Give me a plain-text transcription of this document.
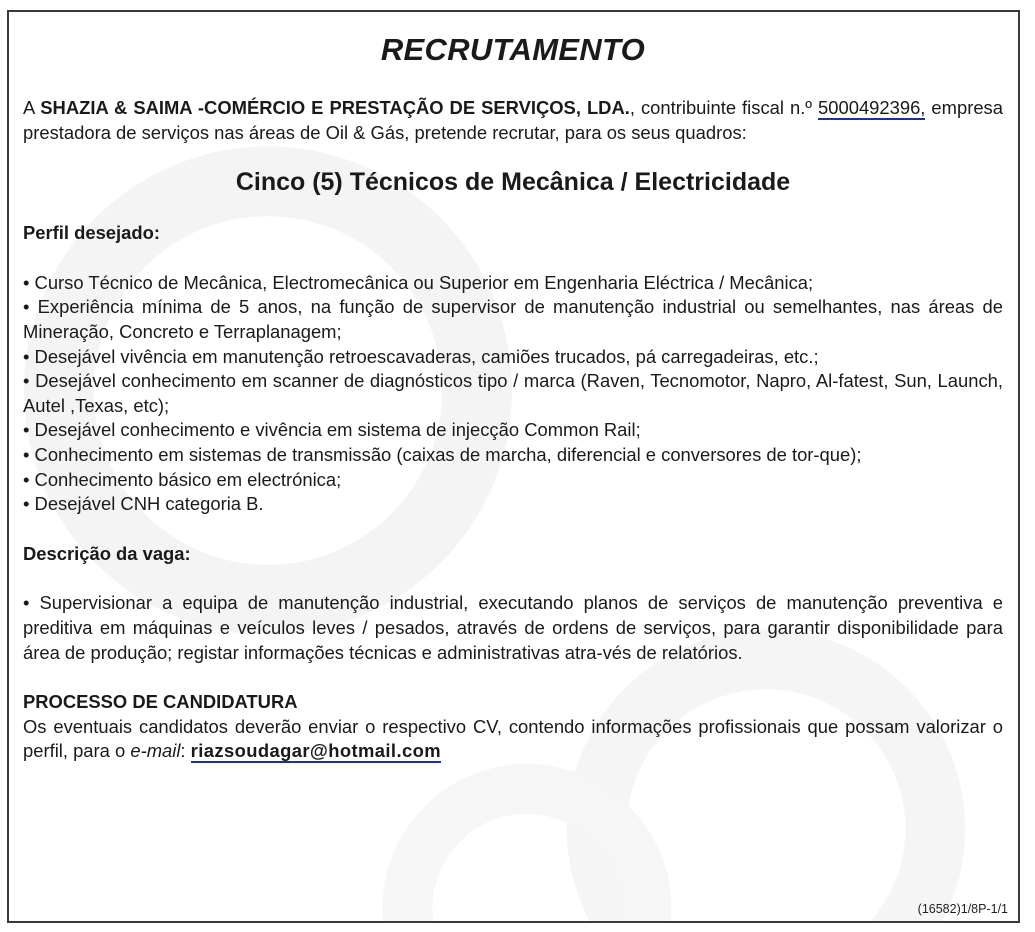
RECRUTAMENTO

A SHAZIA & SAIMA -COMÉRCIO E PRESTAÇÃO DE SERVIÇOS, LDA., contribuinte fiscal n.º 5000492396, empresa prestadora de serviços nas áreas de Oil & Gás, pretende recrutar, para os seus quadros:

Cinco (5) Técnicos de Mecânica / Electricidade
Perfil desejado:
• Curso Técnico de Mecânica, Electromecânica ou Superior em Engenharia Eléctrica / Mecânica;
• Experiência mínima de 5 anos, na função de supervisor de manutenção industrial ou semelhantes, nas áreas de Mineração, Concreto e Terraplanagem;
• Desejável vivência em manutenção retroescavaderas, camiões trucados, pá carregadeiras, etc.;
• Desejável conhecimento em scanner de diagnósticos tipo / marca (Raven, Tecnomotor, Napro, Al-fatest, Sun, Launch, Autel ,Texas, etc);
• Desejável conhecimento e vivência em sistema de injecção Common Rail;
• Conhecimento em sistemas de transmissão (caixas de marcha, diferencial e conversores de tor-que);
• Conhecimento básico em electrónica;
• Desejável CNH categoria B.
Descrição da vaga:

• Supervisionar a equipa de manutenção industrial, executando planos de serviços de manutenção preventiva e preditiva em máquinas e veículos leves / pesados, através de ordens de serviços, para garantir disponibilidade para área de produção; registar informações técnicas e administrativas atra-vés de relatórios.

PROCESSO DE CANDIDATURA

Os eventuais candidatos deverão enviar o respectivo CV, contendo informações profissionais que possam valorizar o perfil, para o e-mail: riazsoudagar@hotmail.com

(16582)1/8P-1/1
